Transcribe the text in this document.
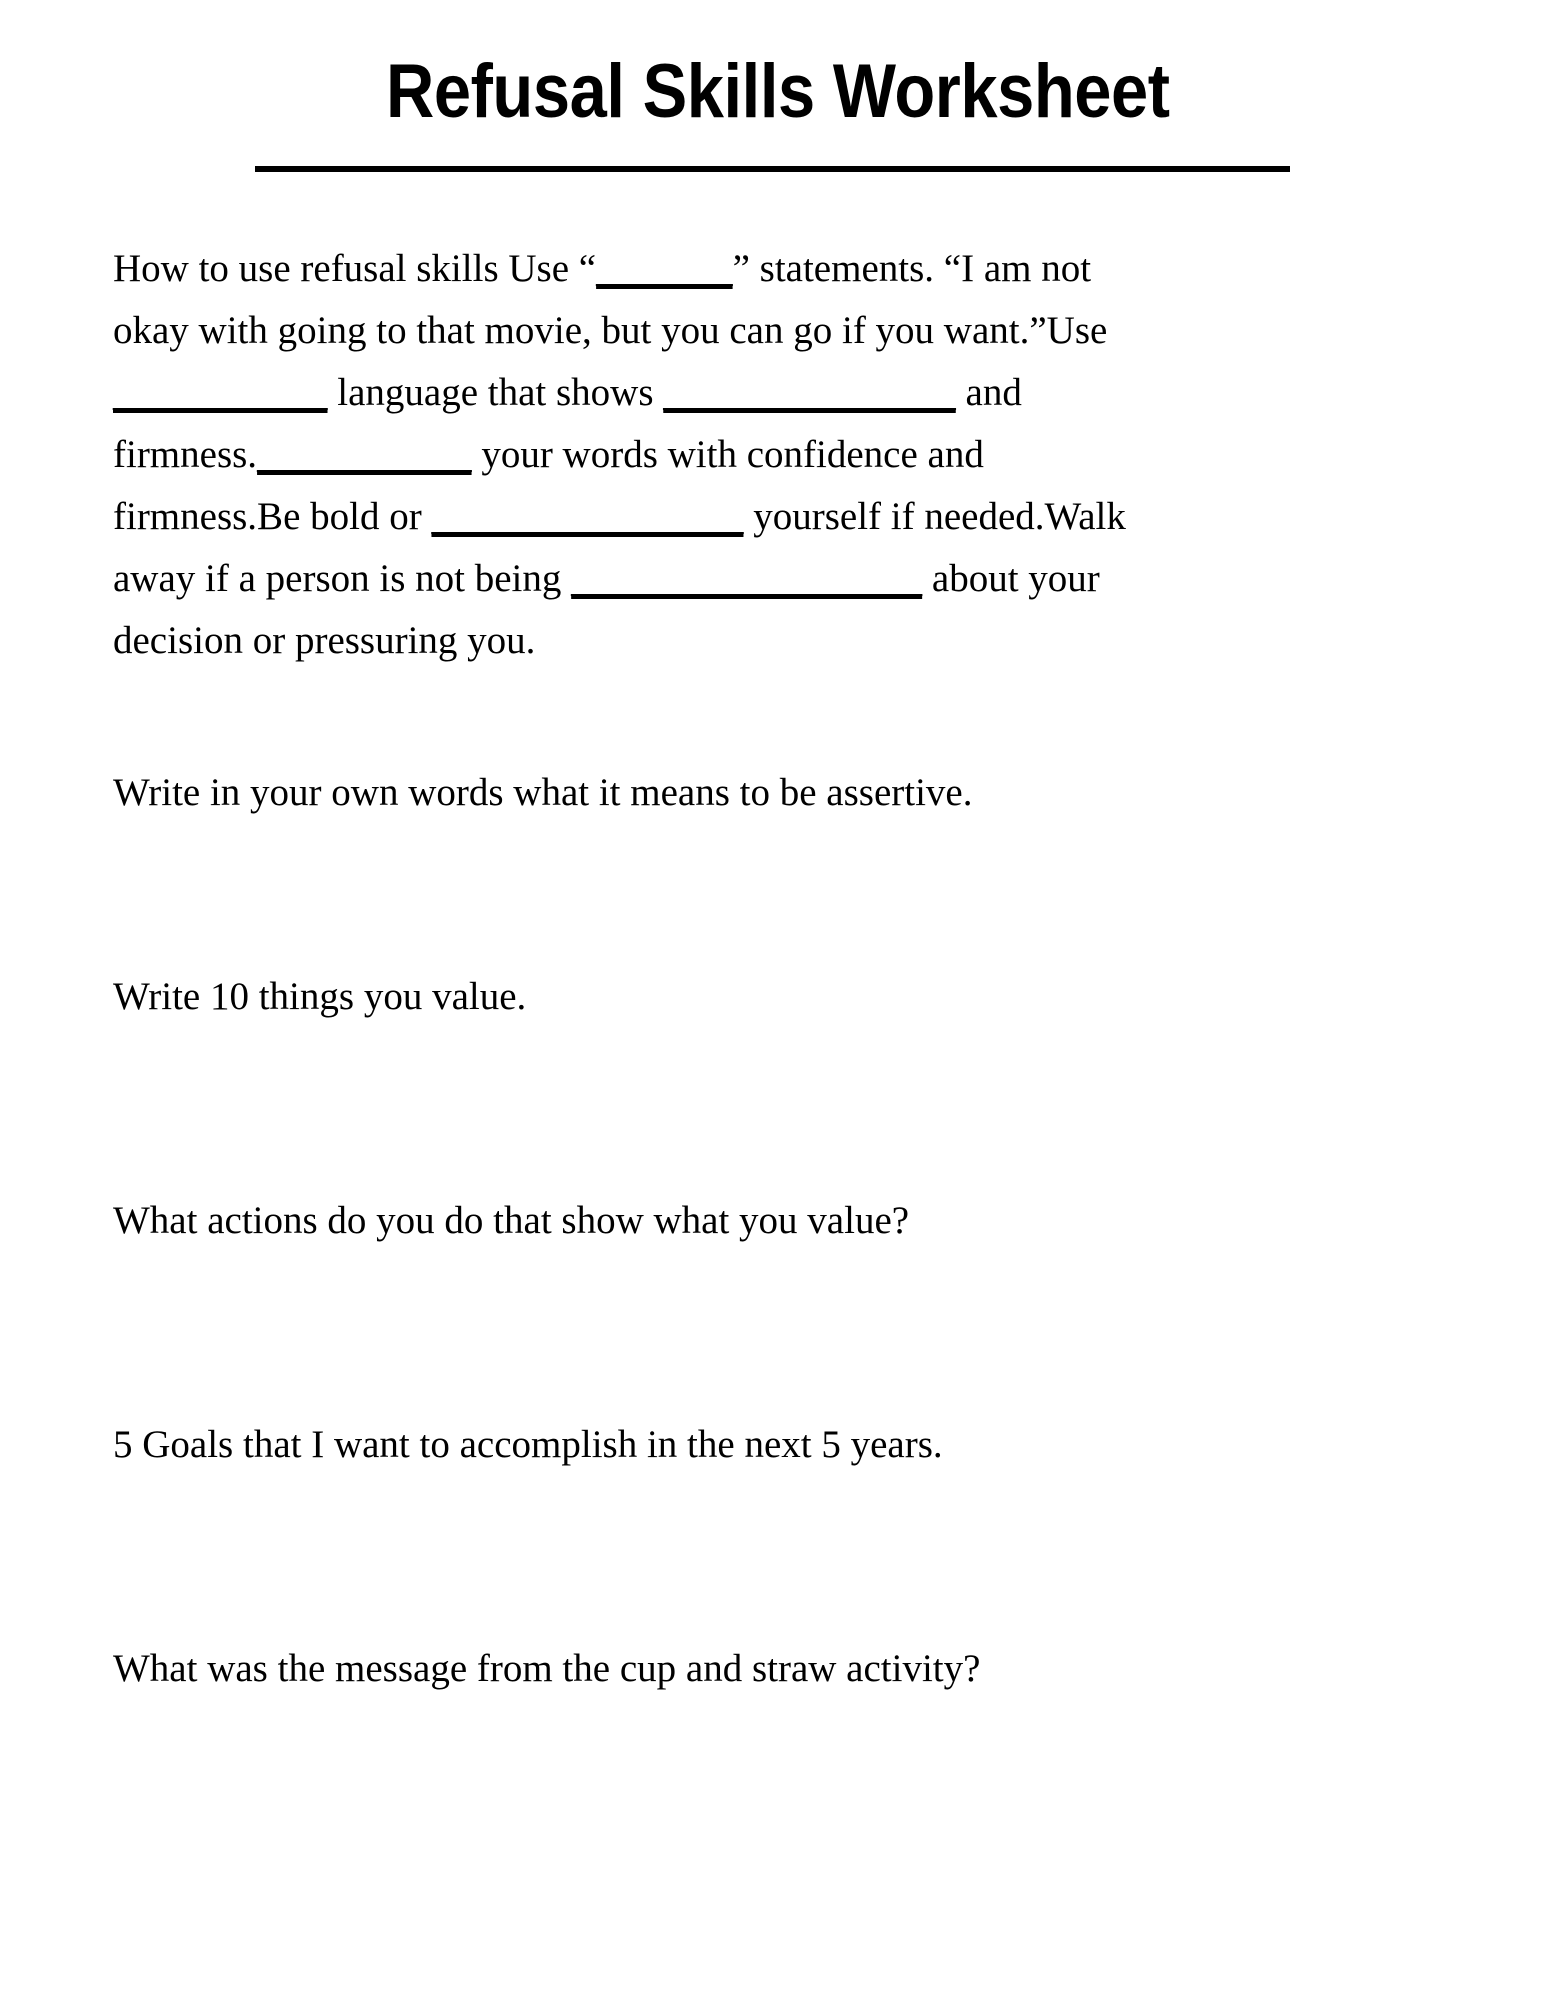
Refusal Skills Worksheet

How to use refusal skills Use “_______” statements. “I am not okay with going to that movie, but you can go if you want.”Use ___________ language that shows _______________ and firmness.___________ your words with confidence and firmness.Be bold or ________________ yourself if needed.Walk away if a person is not being __________________ about your decision or pressuring you.

Write in your own words what it means to be assertive.

Write 10 things you value.

What actions do you do that show what you value?

5 Goals that I want to accomplish in the next 5 years.

What was the message from the cup and straw activity?
